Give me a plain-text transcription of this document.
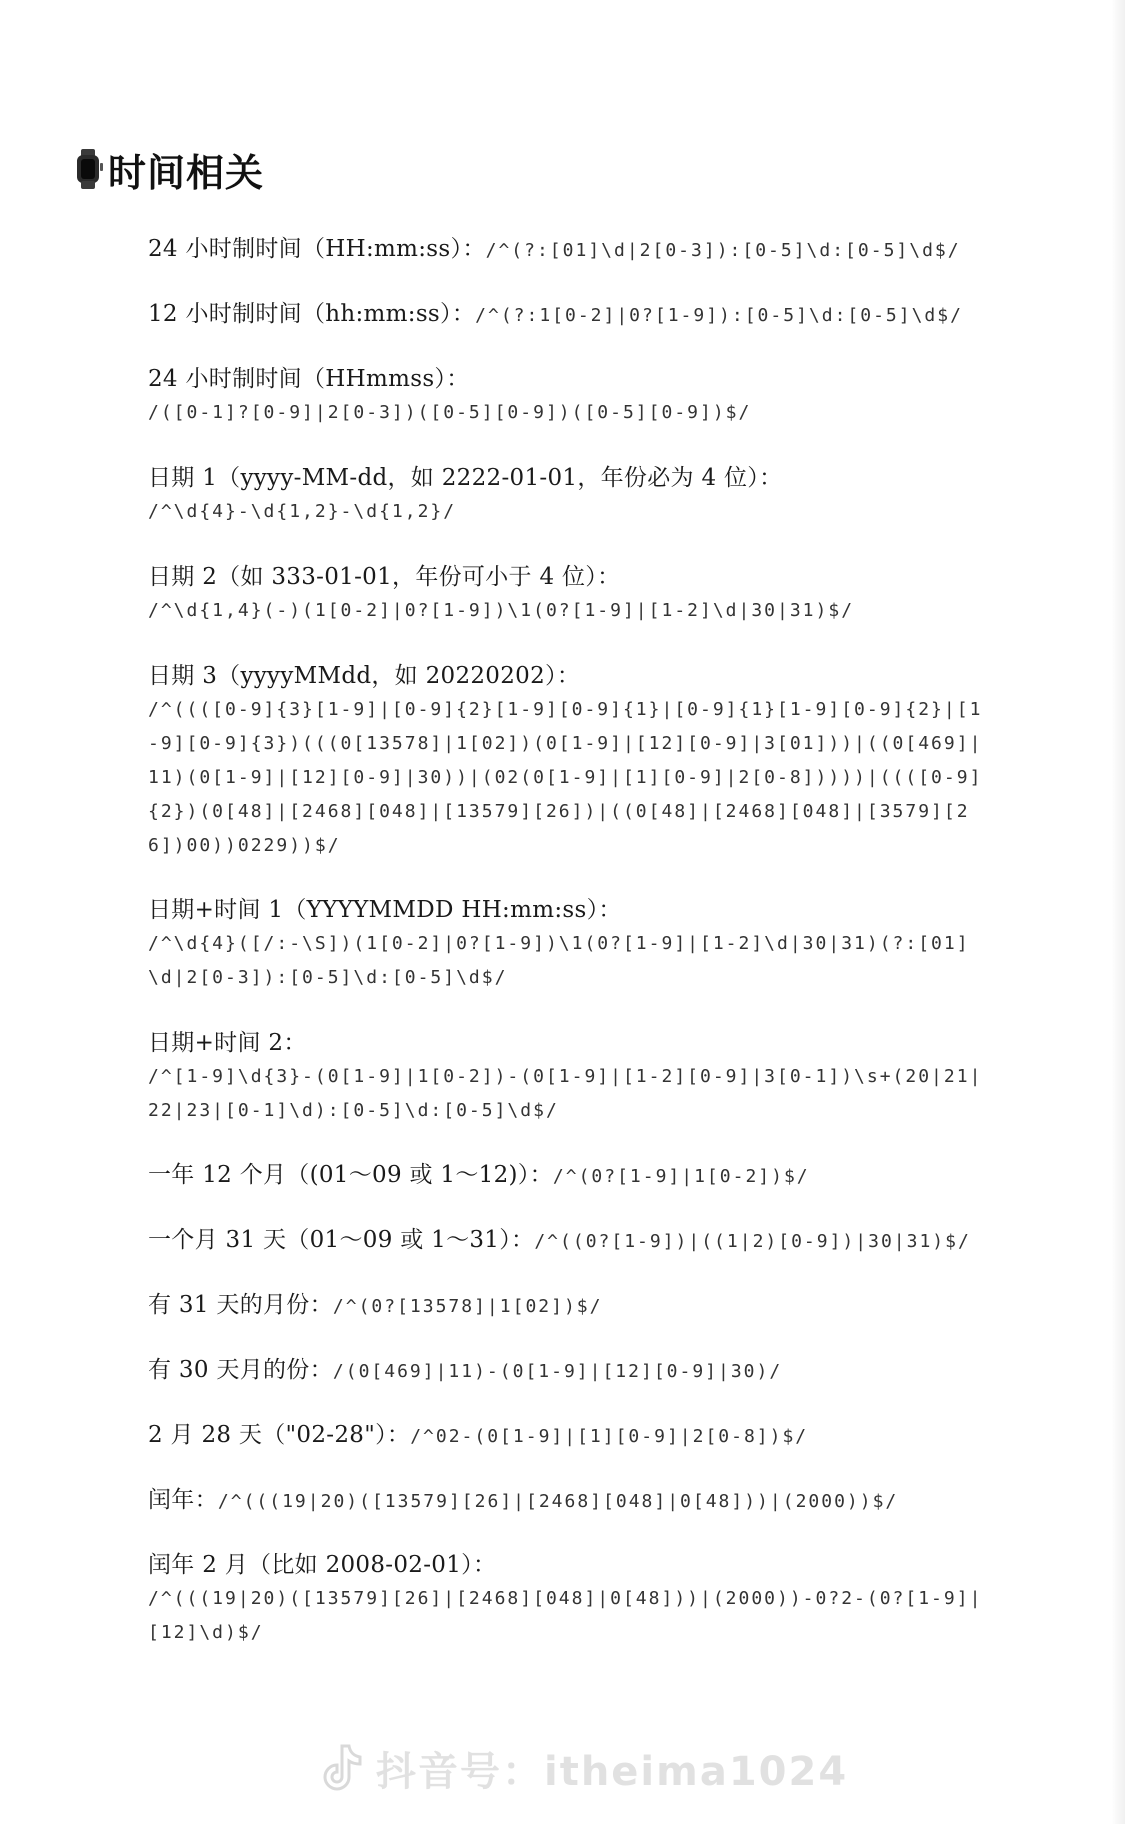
时间相关
24 小时制时间（HH:mm:ss）：/^(?:[01]\d|2[0-3]):[0-5]\d:[0-5]\d$/
12 小时制时间（hh:mm:ss）：/^(?:1[0-2]|0?[1-9]):[0-5]\d:[0-5]\d$/
24 小时制时间（HHmmss）：
/([0-1]?[0-9]|2[0-3])([0-5][0-9])([0-5][0-9])$/
日期 1（yyyy-MM-dd，如 2222-01-01，年份必为 4 位）：
/^\d{4}-\d{1,2}-\d{1,2}/
日期 2（如 333-01-01，年份可小于 4 位）：
/^\d{1,4}(-)(1[0-2]|0?[1-9])\1(0?[1-9]|[1-2]\d|30|31)$/
日期 3（yyyyMMdd，如 20220202）：
/^((([0-9]{3}[1-9]|[0-9]{2}[1-9][0-9]{1}|[0-9]{1}[1-9][0-9]{2}|[1-9][0-9]{3})(((0[13578]|1[02])(0[1-9]|[12][0-9]|3[01]))|((0[469]|11)(0[1-9]|[12][0-9]|30))|(02(0[1-9]|[1][0-9]|2[0-8]))))|((([0-9]{2})(0[48]|[2468][048]|[13579][26])|((0[48]|[2468][048]|[3579][26])00))0229))$/
日期+时间 1（YYYYMMDD HH:mm:ss）：
/^\d{4}([/:-\S])(1[0-2]|0?[1-9])\1(0?[1-9]|[1-2]\d|30|31)(?:[01]\d|2[0-3]):[0-5]\d:[0-5]\d$/
日期+时间 2：
/^[1-9]\d{3}-(0[1-9]|1[0-2])-(0[1-9]|[1-2][0-9]|3[0-1])\s+(20|21|22|23|[0-1]\d):[0-5]\d:[0-5]\d$/
一年 12 个月（(01～09 或 1～12)）：/^(0?[1-9]|1[0-2])$/
一个月 31 天（01～09 或 1～31）：/^((0?[1-9])|((1|2)[0-9])|30|31)$/
有 31 天的月份：/^(0?[13578]|1[02])$/
有 30 天月的份：/(0[469]|11)-(0[1-9]|[12][0-9]|30)/
2 月 28 天（"02-28"）：/^02-(0[1-9]|[1][0-9]|2[0-8])$/
闰年：/^(((19|20)([13579][26]|[2468][048]|0[48]))|(2000))$/
闰年 2 月（比如 2008-02-01）：
/^(((19|20)([13579][26]|[2468][048]|0[48]))|(2000))-0?2-(0?[1-9]|[12]\d)$/
抖音号：itheima1024
